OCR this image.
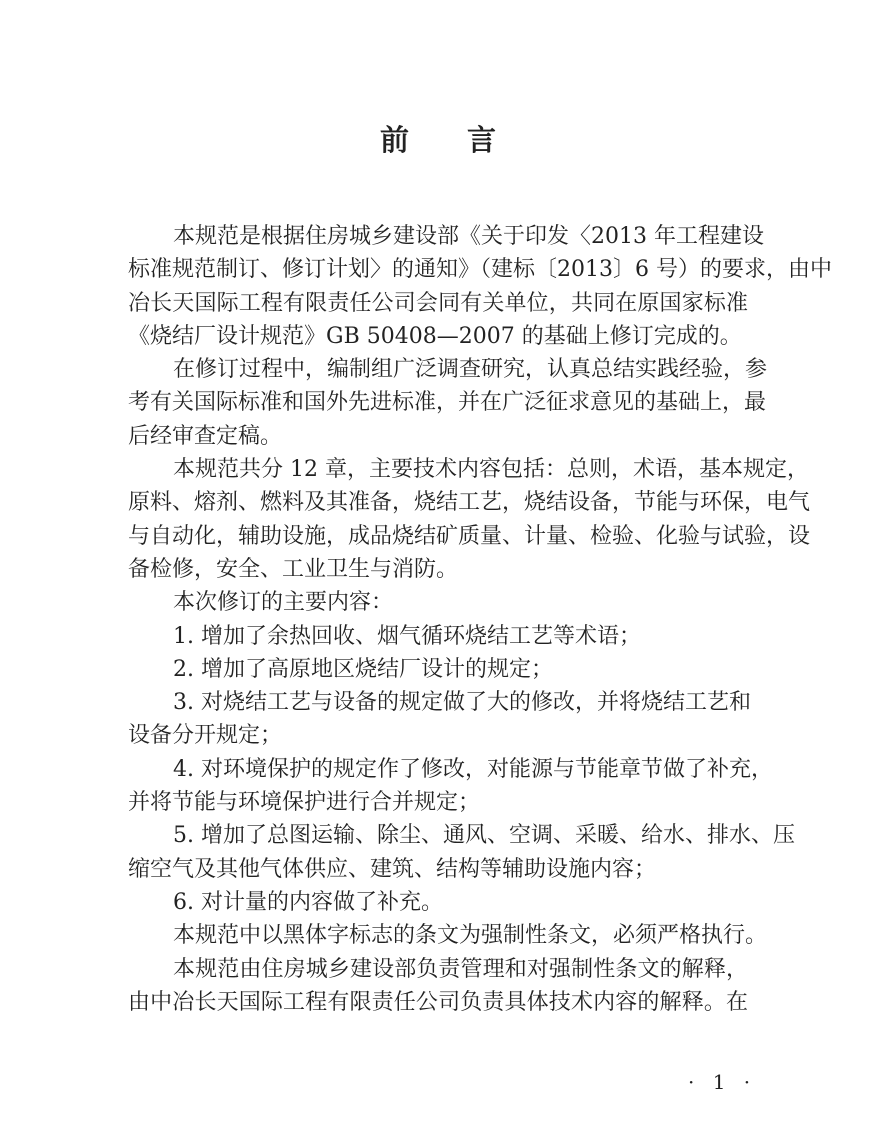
前 言
本规范是根据住房城乡建设部《关于印发〈2013 年工程建设
标准规范制订、修订计划〉的通知》（建标〔2013〕6 号）的要求，由中
冶长天国际工程有限责任公司会同有关单位，共同在原国家标准
《烧结厂设计规范》GB 50408—2007 的基础上修订完成的。
在修订过程中，编制组广泛调查研究，认真总结实践经验，参
考有关国际标准和国外先进标准，并在广泛征求意见的基础上，最
后经审查定稿。
本规范共分 12 章，主要技术内容包括：总则，术语，基本规定，
原料、熔剂、燃料及其准备，烧结工艺，烧结设备，节能与环保，电气
与自动化，辅助设施，成品烧结矿质量、计量、检验、化验与试验，设
备检修，安全、工业卫生与消防。
本次修订的主要内容：
1. 增加了余热回收、烟气循环烧结工艺等术语；
2. 增加了高原地区烧结厂设计的规定；
3. 对烧结工艺与设备的规定做了大的修改，并将烧结工艺和
设备分开规定；
4. 对环境保护的规定作了修改，对能源与节能章节做了补充，
并将节能与环境保护进行合并规定；
5. 增加了总图运输、除尘、通风、空调、采暖、给水、排水、压
缩空气及其他气体供应、建筑、结构等辅助设施内容；
6. 对计量的内容做了补充。
本规范中以黑体字标志的条文为强制性条文，必须严格执行。
本规范由住房城乡建设部负责管理和对强制性条文的解释，
由中冶长天国际工程有限责任公司负责具体技术内容的解释。在
· 1 ·
